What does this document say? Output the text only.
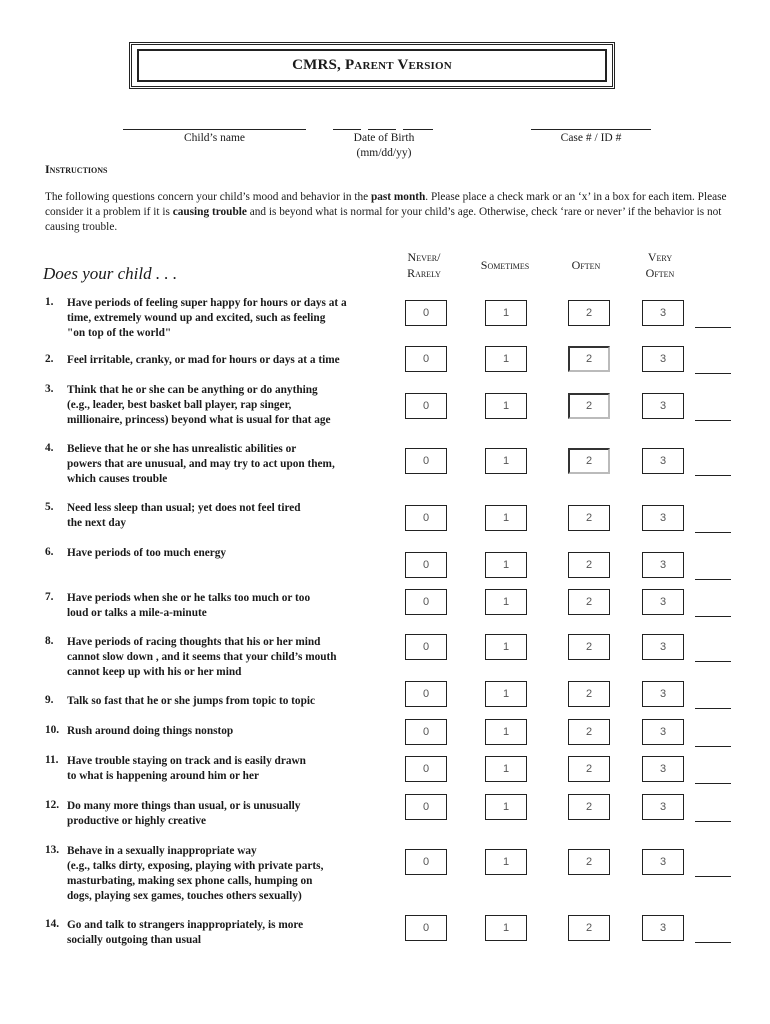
CMRS, Parent Version
Child’s name	Date of Birth
(mm/dd/yy)
Case # / ID #
Instructions
The following questions concern your child’s mood and behavior in the past month. Please place a check mark or an ‘x’ in a box for each item. Please consider it a problem if it is causing trouble and is beyond what is normal for your child’s age. Otherwise, check ‘rare or never’ if the behavior is not causing trouble.
Does your child . . .
Never/
Rarely
Sometimes	Often
Very
Often
1. Have periods of feeling super happy for hours or days at a
time, extremely wound up and excited, such as feeling
"on top of the world"
0	1	2	3
2. Feel irritable, cranky, or mad for hours or days at a time	0	1	2	3
3. Think that he or she can be anything or do anything
(e.g., leader, best basket ball player, rap singer,
millionaire, princess) beyond what is usual for that age
0	1	2	3
4. Believe that he or she has unrealistic abilities or
powers that are unusual, and may try to act upon them,
which causes trouble
0	1	2	3
5. Need less sleep than usual; yet does not feel tired
the next day	0	1	2	3
6. Have periods of too much energy
0	1	2	3
7. Have periods when she or he talks too much or too
loud or talks a mile-a-minute
0	1	2	3
8. Have periods of racing thoughts that his or her mind
cannot slow down , and it seems that your child’s mouth
cannot keep up with his or her mind
0	1	2	3
9. Talk so fast that he or she jumps from topic to topic
0	1	2	3
10. Rush around doing things nonstop	0	1	2	3
11. Have trouble staying on track and is easily drawn
to what is happening around him or her
0	1	2	3
12. Do many more things than usual, or is unusually
productive or highly creative
0	1	2	3
13. Behave in a sexually inappropriate way
(e.g., talks dirty, exposing, playing with private parts,
masturbating, making sex phone calls, humping on
dogs, playing sex games, touches others sexually)
0	1	2	3
14. Go and talk to strangers inappropriately, is more
socially outgoing than usual
0	1	2	3
